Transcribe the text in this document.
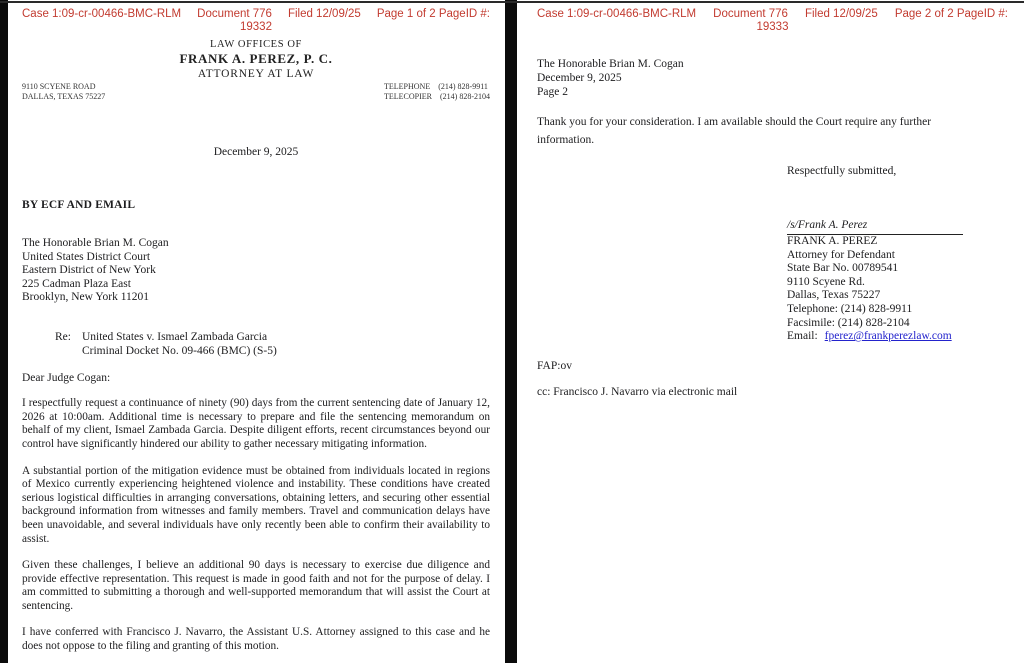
Case 1:09-cr-00466-BMC-RLM Document 776 Filed 12/09/25 Page 1 of 2 PageID #:
19332
LAW OFFICES OF
FRANK A. PEREZ, P. C.
ATTORNEY AT LAW
9110 SCYENE ROAD
DALLAS, TEXAS 75227
TELEPHONE (214) 828-9911
TELECOPIER (214) 828-2104
December 9, 2025
BY ECF AND EMAIL
The Honorable Brian M. Cogan
United States District Court
Eastern District of New York
225 Cadman Plaza East
Brooklyn, New York 11201
Re: United States v. Ismael Zambada Garcia
Criminal Docket No. 09-466 (BMC) (S-5)
Dear Judge Cogan:
I respectfully request a continuance of ninety (90) days from the current sentencing date of January 12, 2026 at 10:00am. Additional time is necessary to prepare and file the sentencing memorandum on behalf of my client, Ismael Zambada Garcia. Despite diligent efforts, recent circumstances beyond our control have significantly hindered our ability to gather necessary mitigating information.
A substantial portion of the mitigation evidence must be obtained from individuals located in regions of Mexico currently experiencing heightened violence and instability. These conditions have created serious logistical difficulties in arranging conversations, obtaining letters, and securing other essential background information from witnesses and family members. Travel and communication delays have been unavoidable, and several individuals have only recently been able to confirm their availability to assist.
Given these challenges, I believe an additional 90 days is necessary to exercise due diligence and provide effective representation. This request is made in good faith and not for the purpose of delay. I am committed to submitting a thorough and well-supported memorandum that will assist the Court at sentencing.
I have conferred with Francisco J. Navarro, the Assistant U.S. Attorney assigned to this case and he does not oppose to the filing and granting of this motion.
Case 1:09-cr-00466-BMC-RLM Document 776 Filed 12/09/25 Page 2 of 2 PageID #:
19333
The Honorable Brian M. Cogan
December 9, 2025
Page 2
Thank you for your consideration. I am available should the Court require any further information.
Respectfully submitted,
/s/Frank A. Perez
FRANK A. PEREZ
Attorney for Defendant
State Bar No. 00789541
9110 Scyene Rd.
Dallas, Texas 75227
Telephone: (214) 828-9911
Facsimile: (214) 828-2104
Email: fperez@frankperezlaw.com
FAP:ov
cc: Francisco J. Navarro via electronic mail
